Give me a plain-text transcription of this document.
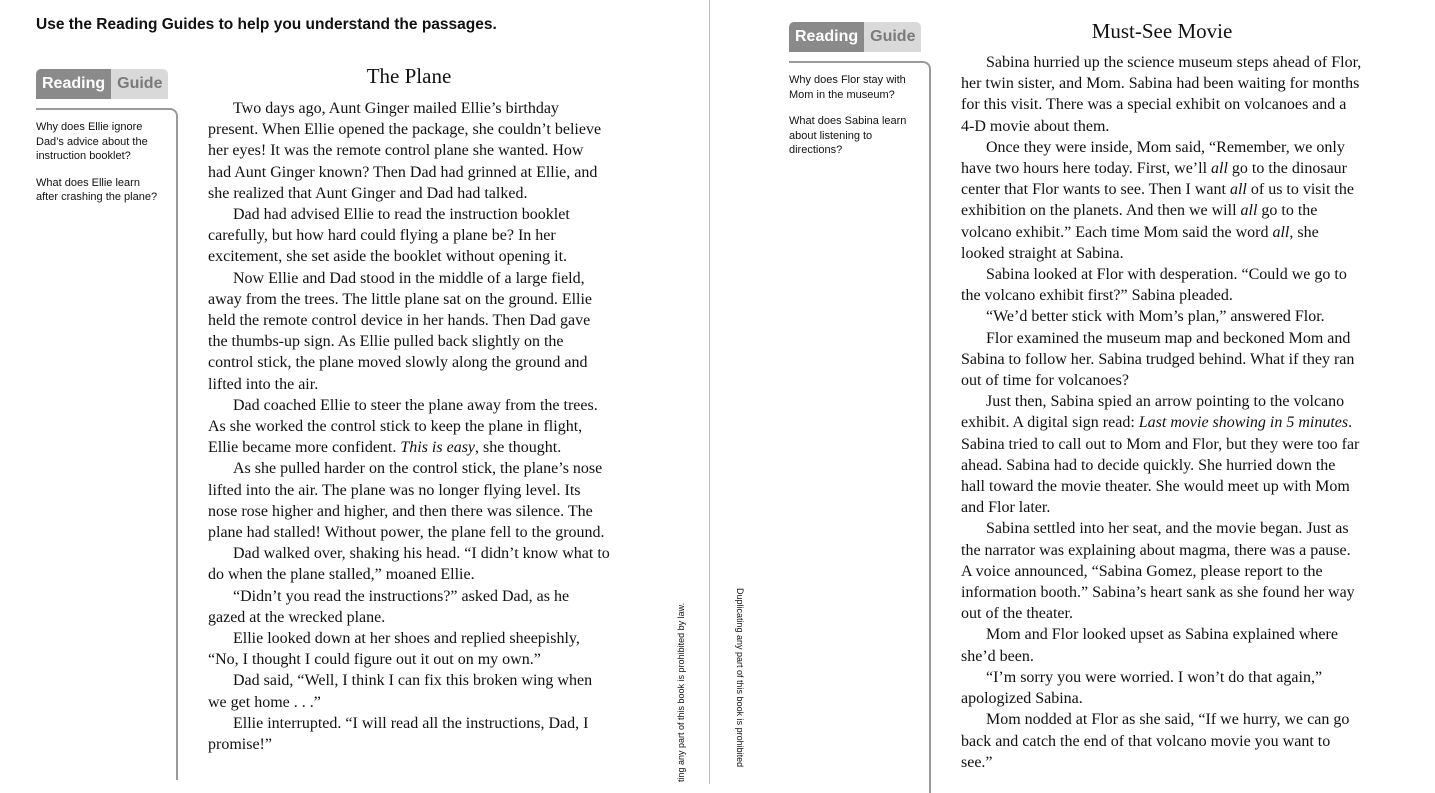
Use the Reading Guides to help you understand the passages.
Reading Guide

Why does Ellie ignore Dad’s advice about the instruction booklet?

What does Ellie learn after crashing the plane?

The Plane

Two days ago, Aunt Ginger mailed Ellie’s birthday present. When Ellie opened the package, she couldn’t believe her eyes! It was the remote control plane she wanted. How had Aunt Ginger known? Then Dad had grinned at Ellie, and she realized that Aunt Ginger and Dad had talked.

Dad had advised Ellie to read the instruction booklet carefully, but how hard could flying a plane be? In her excitement, she set aside the booklet without opening it.

Now Ellie and Dad stood in the middle of a large field, away from the trees. The little plane sat on the ground. Ellie held the remote control device in her hands. Then Dad gave the thumbs-up sign. As Ellie pulled back slightly on the control stick, the plane moved slowly along the ground and lifted into the air.

Dad coached Ellie to steer the plane away from the trees. As she worked the control stick to keep the plane in flight, Ellie became more confident. This is easy, she thought.

As she pulled harder on the control stick, the plane’s nose lifted into the air. The plane was no longer flying level. Its nose rose higher and higher, and then there was silence. The plane had stalled! Without power, the plane fell to the ground.

Dad walked over, shaking his head. “I didn’t know what to do when the plane stalled,” moaned Ellie.

“Didn’t you read the instructions?” asked Dad, as he gazed at the wrecked plane.

Ellie looked down at her shoes and replied sheepishly, “No, I thought I could figure out it out on my own.”

Dad said, “Well, I think I can fix this broken wing when we get home . . .”

Ellie interrupted. “I will read all the instructions, Dad, I promise!”	ting any part of this book is prohibited by law.	Duplicating any part of this book is prohibited
Reading Guide

Why does Flor stay with Mom in the museum?

What does Sabina learn about listening to directions?

Must-See Movie

Sabina hurried up the science museum steps ahead of Flor, her twin sister, and Mom. Sabina had been waiting for months for this visit. There was a special exhibit on volcanoes and a 4-D movie about them.

Once they were inside, Mom said, “Remember, we only have two hours here today. First, we’ll all go to the dinosaur center that Flor wants to see. Then I want all of us to visit the exhibition on the planets. And then we will all go to the volcano exhibit.” Each time Mom said the word all, she looked straight at Sabina.

Sabina looked at Flor with desperation. “Could we go to the volcano exhibit first?” Sabina pleaded.

“We’d better stick with Mom’s plan,” answered Flor.

Flor examined the museum map and beckoned Mom and Sabina to follow her. Sabina trudged behind. What if they ran out of time for volcanoes?

Just then, Sabina spied an arrow pointing to the volcano exhibit. A digital sign read: Last movie showing in 5 minutes. Sabina tried to call out to Mom and Flor, but they were too far ahead. Sabina had to decide quickly. She hurried down the hall toward the movie theater. She would meet up with Mom and Flor later.

Sabina settled into her seat, and the movie began. Just as the narrator was explaining about magma, there was a pause. A voice announced, “Sabina Gomez, please report to the information booth.” Sabina’s heart sank as she found her way out of the theater.

Mom and Flor looked upset as Sabina explained where she’d been.

“I’m sorry you were worried. I won’t do that again,” apologized Sabina.

Mom nodded at Flor as she said, “If we hurry, we can go back and catch the end of that volcano movie you want to see.”
